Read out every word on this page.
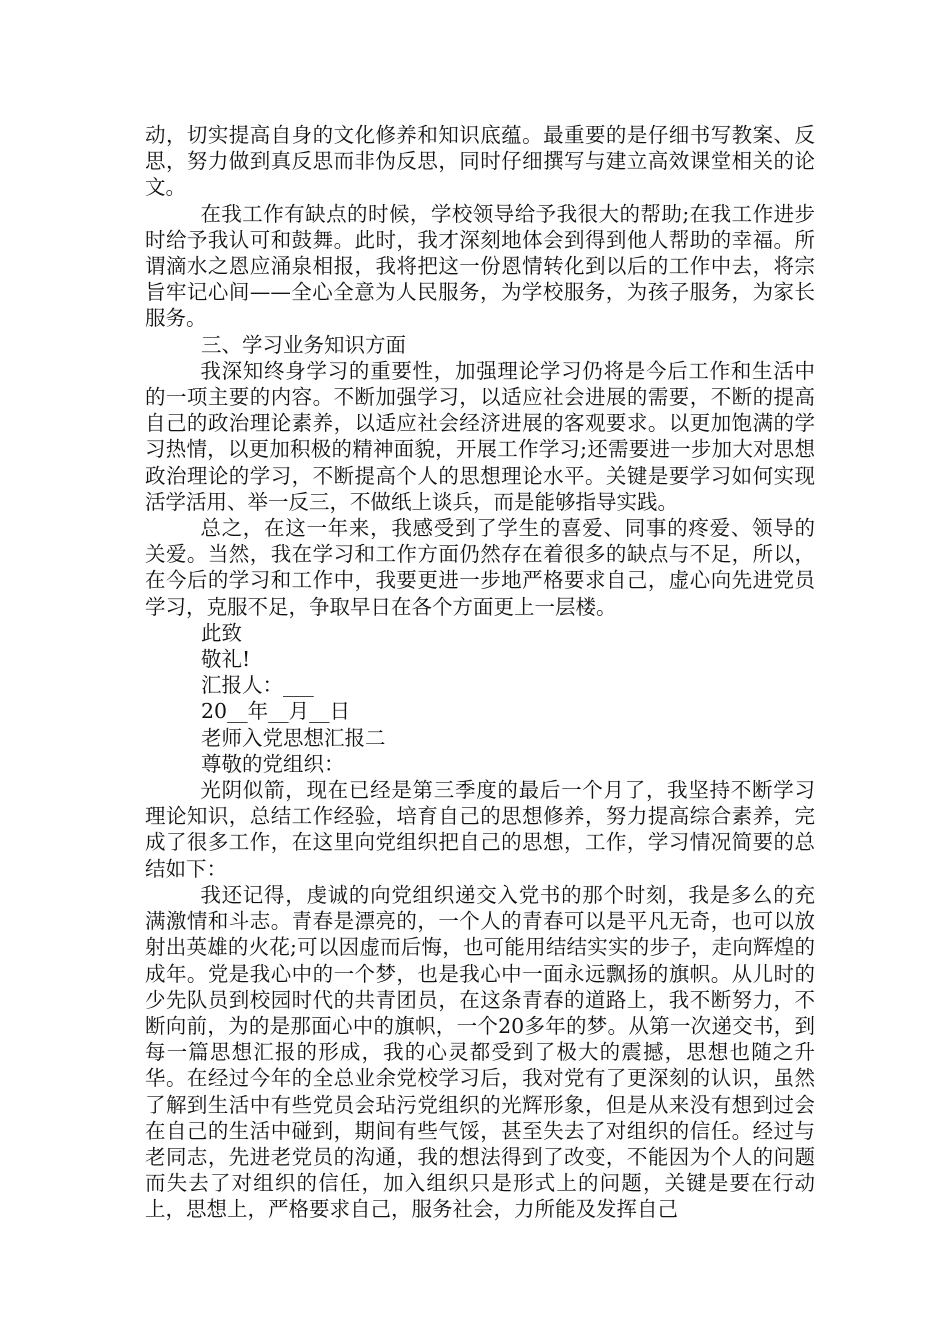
动，切实提高自身的文化修养和知识底蕴。最重要的是仔细书写教案、反思，努力做到真反思而非伪反思，同时仔细撰写与建立高效课堂相关的论文。

在我工作有缺点的时候，学校领导给予我很大的帮助;在我工作进步时给予我认可和鼓舞。此时，我才深刻地体会到得到他人帮助的幸福。所谓滴水之恩应涌泉相报，我将把这一份恩情转化到以后的工作中去，将宗旨牢记心间——全心全意为人民服务，为学校服务，为孩子服务，为家长服务。

三、学习业务知识方面

我深知终身学习的重要性，加强理论学习仍将是今后工作和生活中的一项主要的内容。不断加强学习，以适应社会进展的需要，不断的提高自己的政治理论素养，以适应社会经济进展的客观要求。以更加饱满的学习热情，以更加积极的精神面貌，开展工作学习;还需要进一步加大对思想政治理论的学习，不断提高个人的思想理论水平。关键是要学习如何实现活学活用、举一反三，不做纸上谈兵，而是能够指导实践。

总之，在这一年来，我感受到了学生的喜爱、同事的疼爱、领导的关爱。当然，我在学习和工作方面仍然存在着很多的缺点与不足，所以，在今后的学习和工作中，我要更进一步地严格要求自己，虚心向先进党员学习，克服不足，争取早日在各个方面更上一层楼。

此致

敬礼!

汇报人：___

20__年__月__日

老师入党思想汇报二

尊敬的党组织：

光阴似箭，现在已经是第三季度的最后一个月了，我坚持不断学习理论知识，总结工作经验，培育自己的思想修养，努力提高综合素养，完成了很多工作，在这里向党组织把自己的思想，工作，学习情况简要的总结如下：

我还记得，虔诚的向党组织递交入党书的那个时刻，我是多么的充满激情和斗志。青春是漂亮的，一个人的青春可以是平凡无奇，也可以放射出英雄的火花;可以因虚而后悔，也可能用结结实实的步子，走向辉煌的成年。党是我心中的一个梦，也是我心中一面永远飘扬的旗帜。从儿时的少先队员到校园时代的共青团员，在这条青春的道路上，我不断努力，不断向前，为的是那面心中的旗帜，一个20多年的梦。从第一次递交书，到每一篇思想汇报的形成，我的心灵都受到了极大的震撼，思想也随之升华。在经过今年的全总业余党校学习后，我对党有了更深刻的认识，虽然了解到生活中有些党员会玷污党组织的光辉形象，但是从来没有想到过会在自己的生活中碰到，期间有些气馁，甚至失去了对组织的信任。经过与老同志，先进老党员的沟通，我的想法得到了改变，不能因为个人的问题而失去了对组织的信任，加入组织只是形式上的问题，关键是要在行动上，思想上，严格要求自己，服务社会，力所能及发挥自己
